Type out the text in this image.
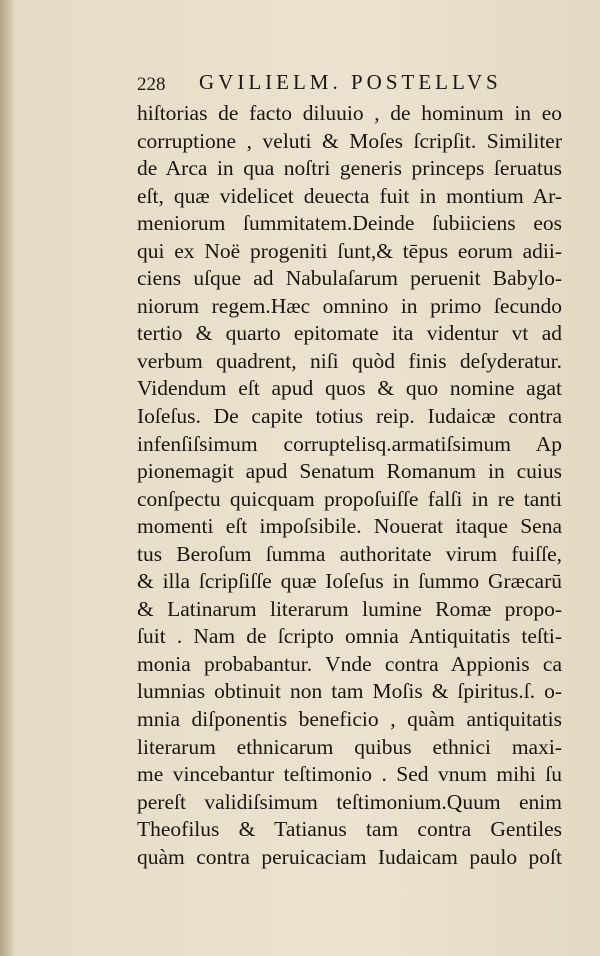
228 GVILIELM. POSTELLVS
hiſtorias de facto diluuio , de hominum in eo
corruptione , veluti & Moſes ſcripſit. Similiter
de Arca in qua noſtri generis princeps ſeruatus
eſt, quæ videlicet deuecta fuit in montium Ar-
meniorum ſummitatem.Deinde ſubiiciens eos
qui ex Noë progeniti ſunt,& tēpus eorum adii-
ciens uſque ad Nabulaſarum peruenit Babylo-
niorum regem.Hæc omnino in primo ſecundo
tertio & quarto epitomate ita videntur vt ad
verbum quadrent, niſi quòd finis deſyderatur.
Videndum eſt apud quos & quo nomine agat
Ioſeſus. De capite totius reip. Iudaicæ contra
infenſiſsimum corruptelisq.armatiſsimum Ap
pionemagit apud Senatum Romanum in cuius
conſpectu quicquam propoſuiſſe falſi in re tanti
momenti eſt impoſsibile. Nouerat itaque Sena
tus Beroſum ſumma authoritate virum fuiſſe,
& illa ſcripſiſſe quæ Ioſeſus in ſummo Græcarū
& Latinarum literarum lumine Romæ propo-
ſuit . Nam de ſcripto omnia Antiquitatis teſti-
monia probabantur. Vnde contra Appionis ca
lumnias obtinuit non tam Moſis & ſpiritus.ſ. o-
mnia diſponentis beneficio , quàm antiquitatis
literarum ethnicarum quibus ethnici maxi-
me vincebantur teſtimonio . Sed vnum mihi ſu
pereſt validiſsimum teſtimonium.Quum enim
Theofilus & Tatianus tam contra Gentiles
quàm contra peruicaciam Iudaicam paulo poſt
